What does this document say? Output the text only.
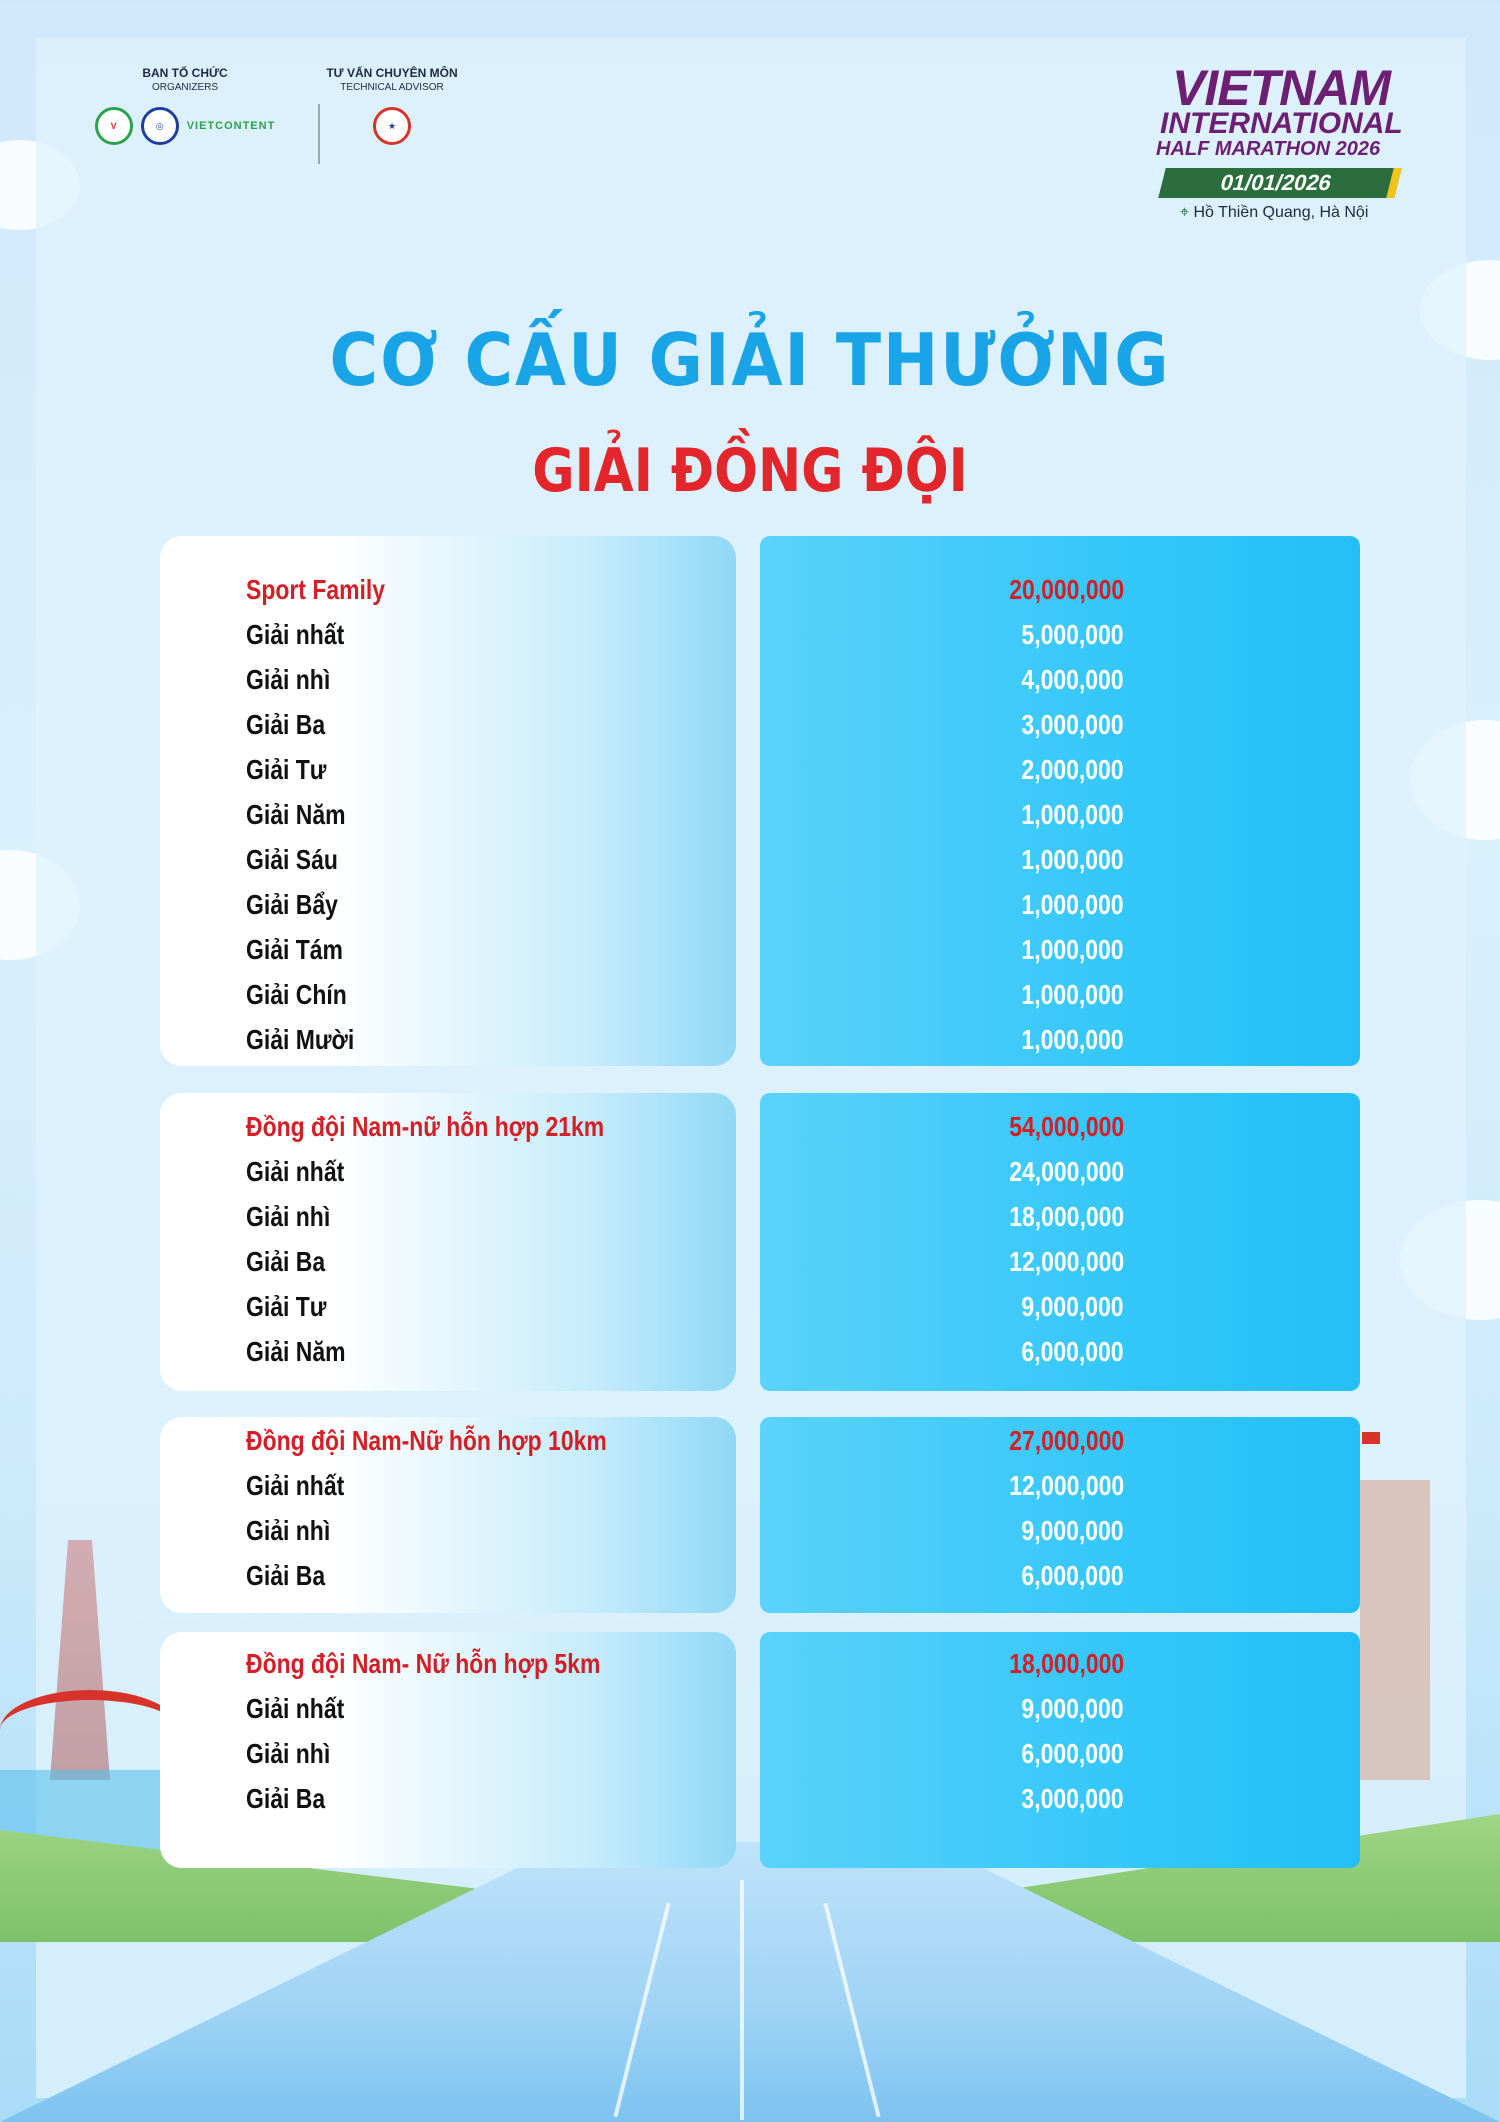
BAN TỔ CHỨC
ORGANIZERS
V	◎	VIETCONTENT
TƯ VẤN CHUYÊN MÔN
TECHNICAL ADVISOR
★
VIETNAM
INTERNATIONAL
HALF MARATHON 2026
01/01/2026
⌖ Hồ Thiền Quang, Hà Nội
CƠ CẤU GIẢI THƯỞNG
GIẢI ĐỒNG ĐỘI
Sport Family	20,000,000
Giải nhất	5,000,000
Giải nhì	4,000,000
Giải Ba	3,000,000
Giải Tư	2,000,000
Giải Năm	1,000,000
Giải Sáu	1,000,000
Giải Bẩy	1,000,000
Giải Tám	1,000,000
Giải Chín	1,000,000
Giải Mười	1,000,000
Đồng đội Nam-nữ hỗn hợp 21km	54,000,000
Giải nhất	24,000,000
Giải nhì	18,000,000
Giải Ba	12,000,000
Giải Tư	9,000,000
Giải Năm	6,000,000
Đồng đội Nam-Nữ hỗn hợp 10km	27,000,000
Giải nhất	12,000,000
Giải nhì	9,000,000
Giải Ba	6,000,000
Đồng đội Nam- Nữ hỗn hợp 5km	18,000,000
Giải nhất	9,000,000
Giải nhì	6,000,000
Giải Ba	3,000,000
